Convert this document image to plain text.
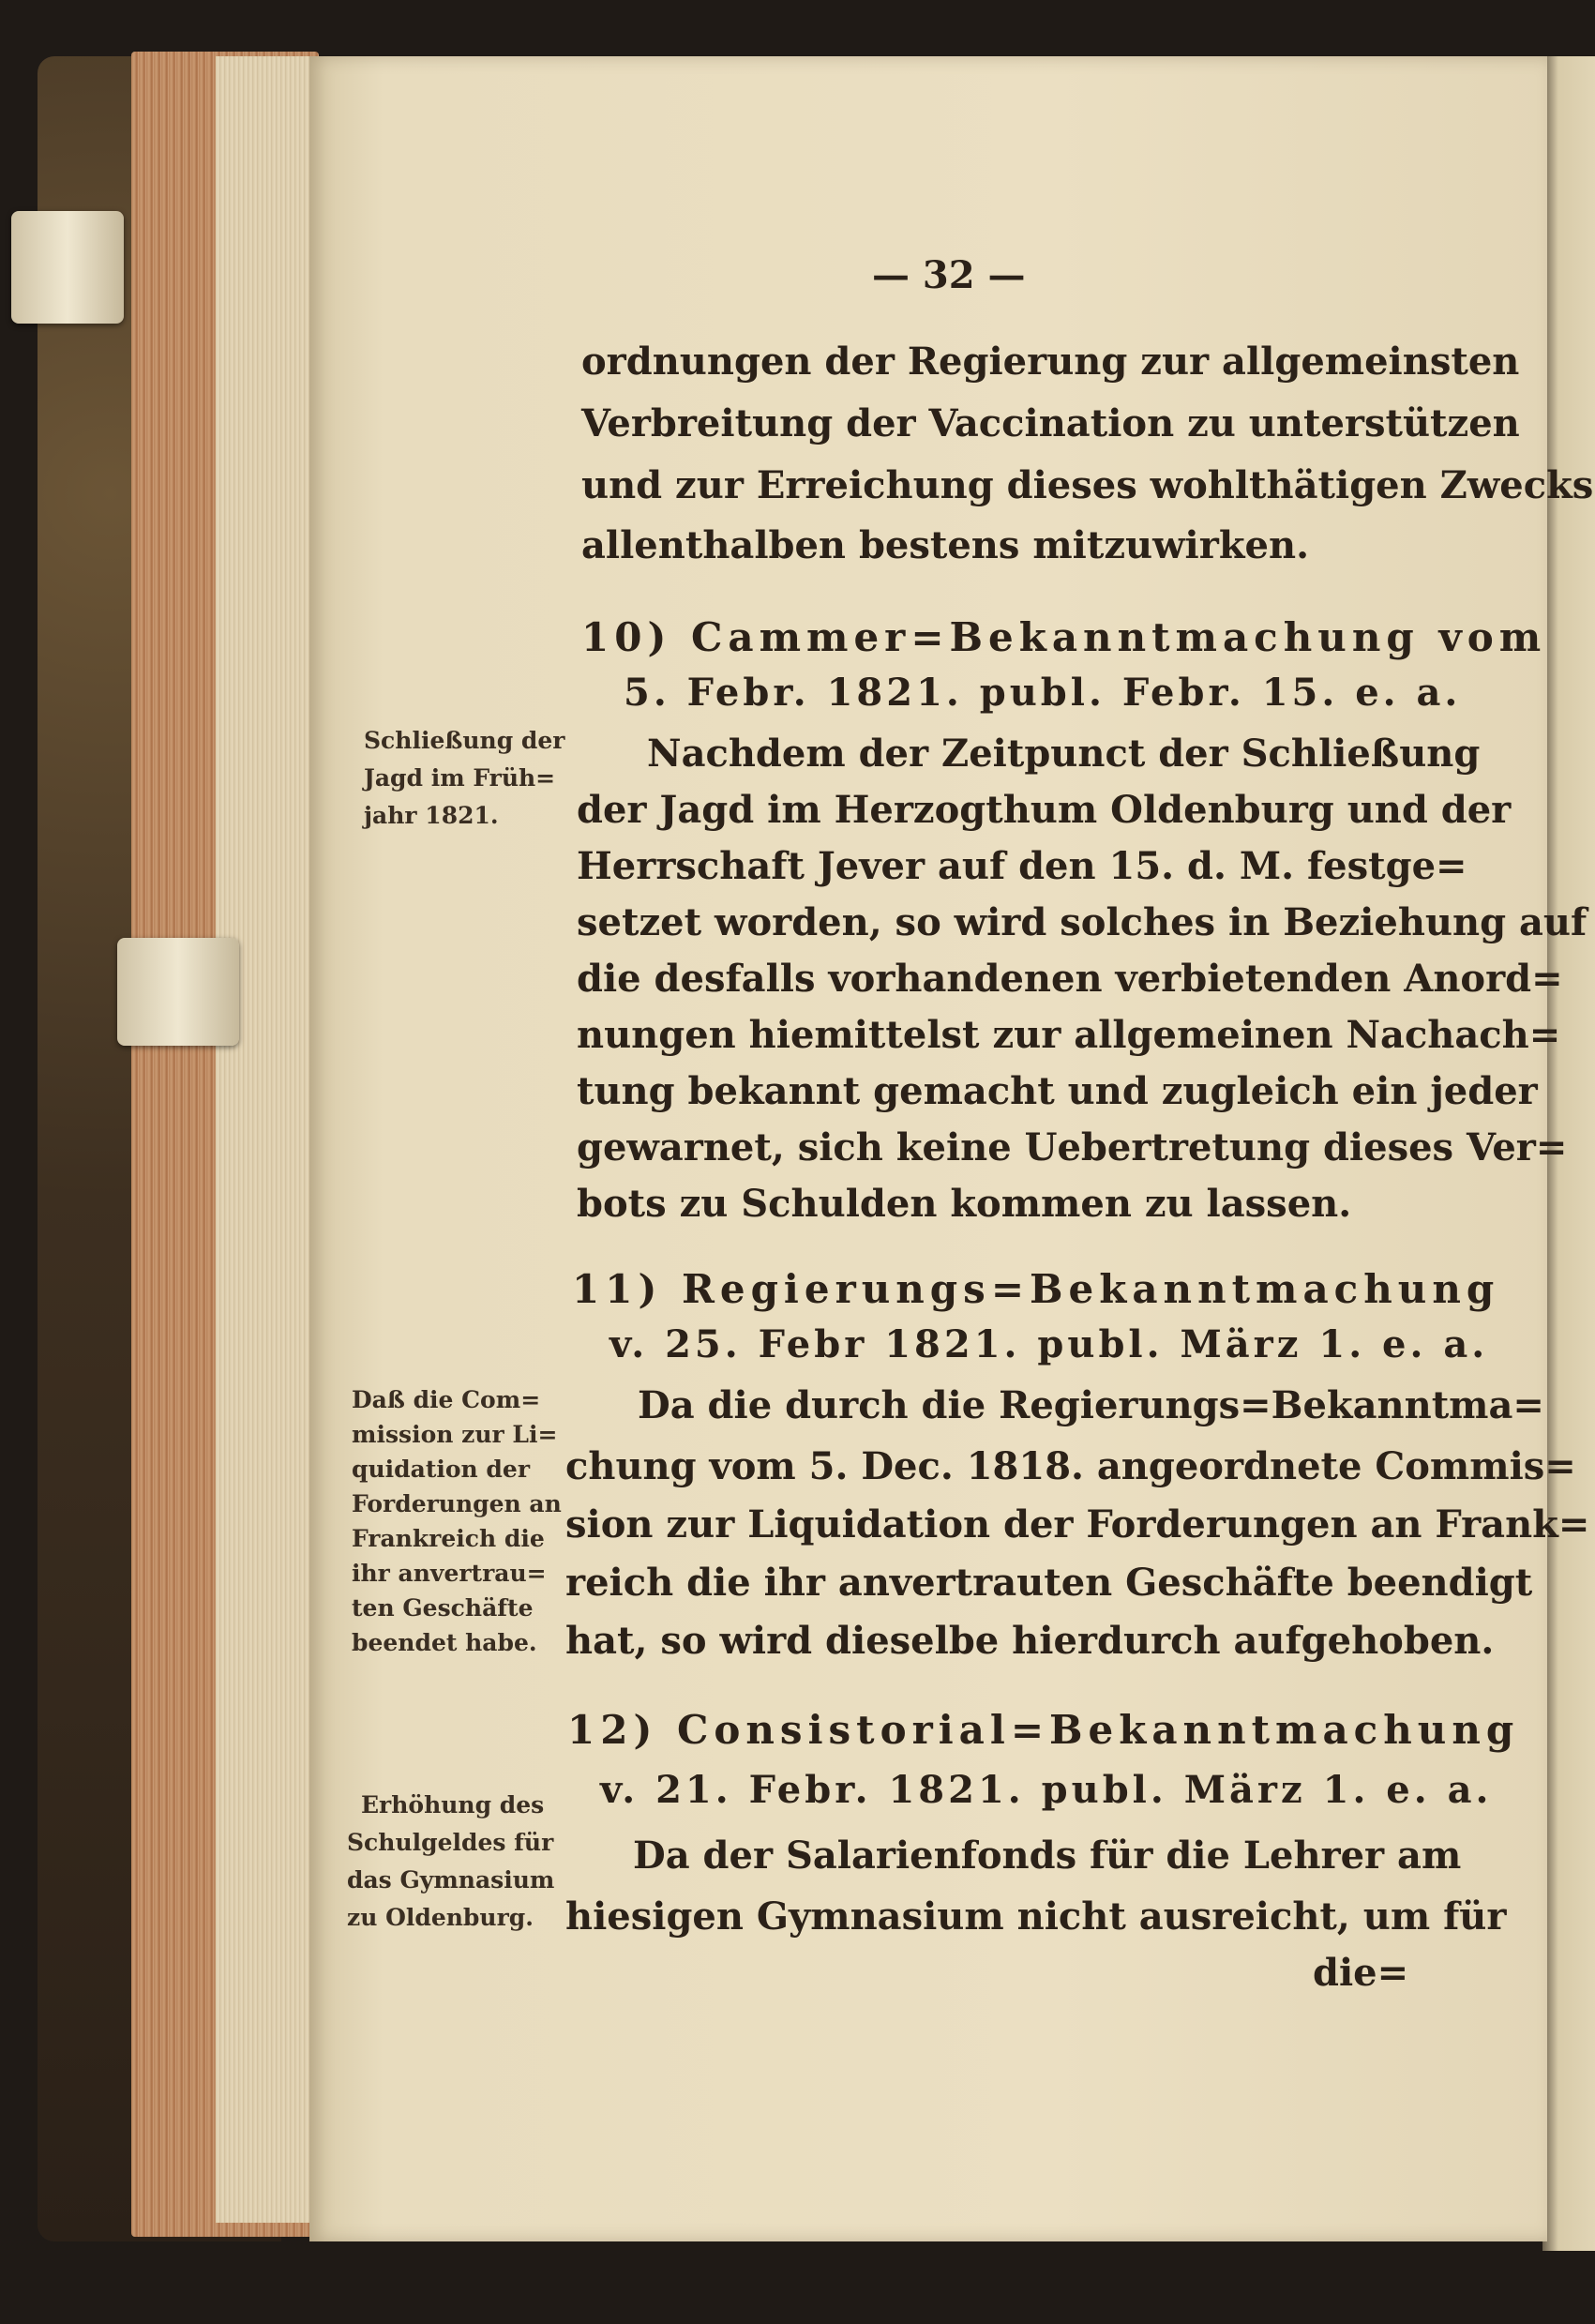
— 32 —

ordnungen der Regierung zur allgemeinsten

Verbreitung der Vaccination zu unterstützen

und zur Erreichung dieses wohlthätigen Zwecks

allenthalben bestens mitzuwirken.

10) Cammer=Bekanntmachung vom

5. Febr. 1821. publ. Febr. 15. e. a.

Schließung der

Jagd im Früh=

jahr 1821.

Nachdem der Zeitpunct der Schließung

der Jagd im Herzogthum Oldenburg und der

Herrschaft Jever auf den 15. d. M. festge=

setzet worden, so wird solches in Beziehung auf

die desfalls vorhandenen verbietenden Anord=

nungen hiemittelst zur allgemeinen Nachach=

tung bekannt gemacht und zugleich ein jeder

gewarnet, sich keine Uebertretung dieses Ver=

bots zu Schulden kommen zu lassen.

11) Regierungs=Bekanntmachung

v. 25. Febr 1821. publ. März 1. e. a.

Daß die Com=

mission zur Li=

quidation der

Forderungen an

Frankreich die

ihr anvertrau=

ten Geschäfte

beendet habe.

Da die durch die Regierungs=Bekanntma=

chung vom 5. Dec. 1818. angeordnete Commis=

sion zur Liquidation der Forderungen an Frank=

reich die ihr anvertrauten Geschäfte beendigt

hat, so wird dieselbe hierdurch aufgehoben.

12) Consistorial=Bekanntmachung

v. 21. Febr. 1821. publ. März 1. e. a.

Erhöhung des

Schulgeldes für

das Gymnasium

zu Oldenburg.

Da der Salarienfonds für die Lehrer am

hiesigen Gymnasium nicht ausreicht, um für

die=
